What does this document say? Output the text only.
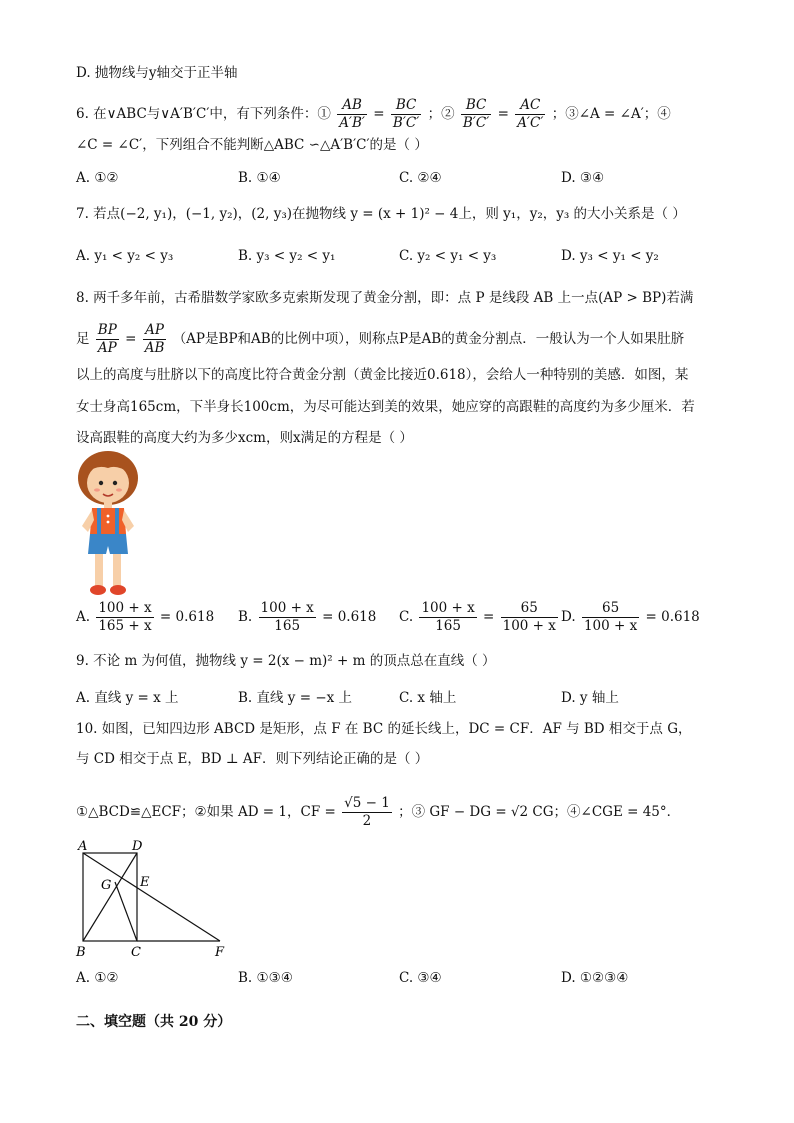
D. 抛物线与y轴交于正半轴
6. 在∨ABC与∨A′B′C′中，有下列条件：① $\frac{AB}{A'B'} = \frac{BC}{B'C'}$ ；② $\frac{BC}{B'C'} = \frac{AC}{A'C'}$ ；③∠A = ∠A′；④
∠C = ∠C′，下列组合不能判断△ABC ∽△A′B′C′的是（ ）
A. ①②	B. ①④	C. ②④	D. ③④
7. 若点(−2, y₁)，(−1, y₂)，(2, y₃)在抛物线 y = (x + 1)² − 4上，则 y₁，y₂，y₃ 的大小关系是（ ）
A. y₁ < y₂ < y₃	B. y₃ < y₂ < y₁	C. y₂ < y₁ < y₃	D. y₃ < y₁ < y₂
8. 两千多年前，古希腊数学家欧多克索斯发现了黄金分割，即：点 P 是线段 AB 上一点(AP > BP)若满
足 $\frac{BP}{AP} = \frac{AP}{AB} (AP$是BP和AB的比例中项），则称点P是AB的黄金分割点．一般认为一个人如果肚脐
以上的高度与肚脐以下的高度比符合黄金分割（黄金比接近0.618），会给人一种特别的美感．如图，某
女士身高165cm，下半身长100cm，为尽可能达到美的效果，她应穿的高跟鞋的高度约为多少厘米．若
设高跟鞋的高度大约为多少xcm，则x满足的方程是（ ）
A. $\frac{100 + x}{165 + x} = 0.618$ B. $\frac{100 + x}{165} = 0.618$ C. $\frac{100 + x}{165} = \frac{65}{100 + x} D$. $\frac{65}{100 + x} = 0.618$
9. 不论 m 为何值，抛物线 y = 2(x − m)² + m 的顶点总在直线（ ）
A. 直线 y = x 上	B. 直线 y = −x 上	C. x 轴上	D. y 轴上
10. 如图，已知四边形 ABCD 是矩形，点 F 在 BC 的延长线上，DC = CF．AF 与 BD 相交于点 G，
与 CD 相交于点 E，BD ⊥ AF．则下列结论正确的是（ ）
①△BCD≌△ECF；②如果 AD = 1，CF = $\frac{√5 - 1}{2}$ ；③ GF − DG = √2 CG；④∠CGE = 45°．
A	D
G E
B	C	F
A. ①②	B. ①③④	C. ③④	D. ①②③④
二、填空题（共 20 分）
